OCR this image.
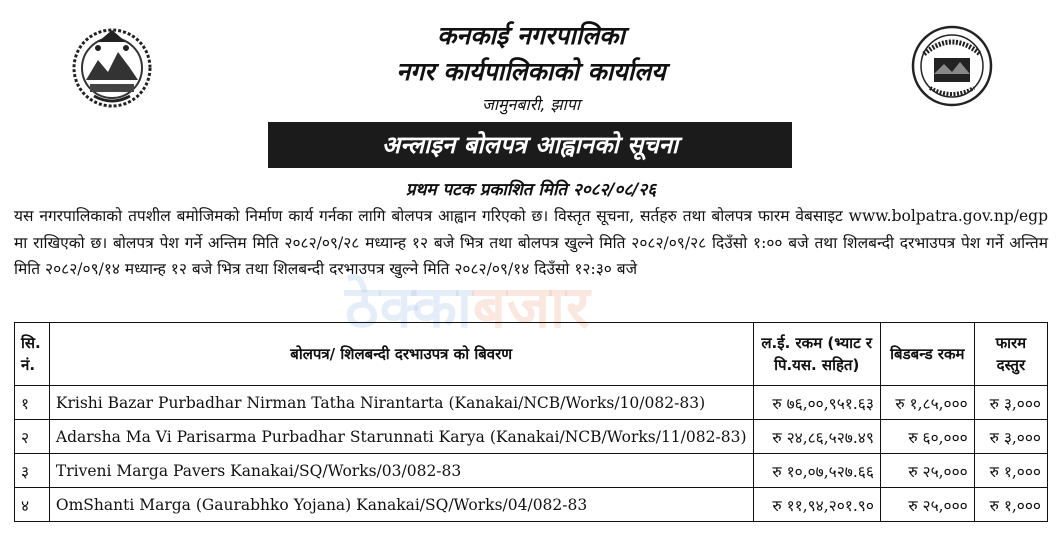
कनकाई नगरपालिका
नगर कार्यपालिकाको कार्यालय
जामुनबारी, झापा
अन्लाइन बोलपत्र आह्वानको सूचना
प्रथम पटक प्रकाशित मिति २०८२/०८/२६
यस नगरपालिकाको तपशील बमोजिमको निर्माण कार्य गर्नका लागि बोलपत्र आह्वान गरिएको छ। विस्तृत सूचना, सर्तहरु तथा बोलपत्र फारम वेबसाइट www.bolpatra.gov.np/egp मा राखिएको छ। बोलपत्र पेश गर्ने अन्तिम मिति २०८२/०९/२८ मध्यान्ह १२ बजे भित्र तथा बोलपत्र खुल्ने मिति २०८२/०९/२८ दिउँसो १:०० बजे तथा शिलबन्दी दरभाउपत्र पेश गर्ने अन्तिम मिति २०८२/०९/१४ मध्यान्ह १२ बजे भित्र तथा शिलबन्दी दरभाउपत्र खुल्ने मिति २०८२/०९/१४ दिउँसो १२:३० बजे
ठेक्काबजार
सि. नं.	बोलपत्र/ शिलबन्दी दरभाउपत्र को बिवरण	ल.ई. रकम (भ्याट र पि.यस. सहित)	बिडबन्ड रकम	फारम दस्तुर
१	Krishi Bazar Purbadhar Nirman Tatha Nirantarta (Kanakai/NCB/Works/10/082-83)	रु ७६,००,९५१.६३	रु १,८५,०००	रु ३,०००
२	Adarsha Ma Vi Parisarma Purbadhar Starunnati Karya (Kanakai/NCB/Works/11/082-83)	रु २४,८६,५२७.४९	रु ६०,०००	रु ३,०००
३	Triveni Marga Pavers Kanakai/SQ/Works/03/082-83	रु १०,०७,५२७.६६	रु २५,०००	रु १,०००
४	OmShanti Marga (Gaurabhko Yojana) Kanakai/SQ/Works/04/082-83	रु ११,९४,२०१.९०	रु २५,०००	रु १,०००
